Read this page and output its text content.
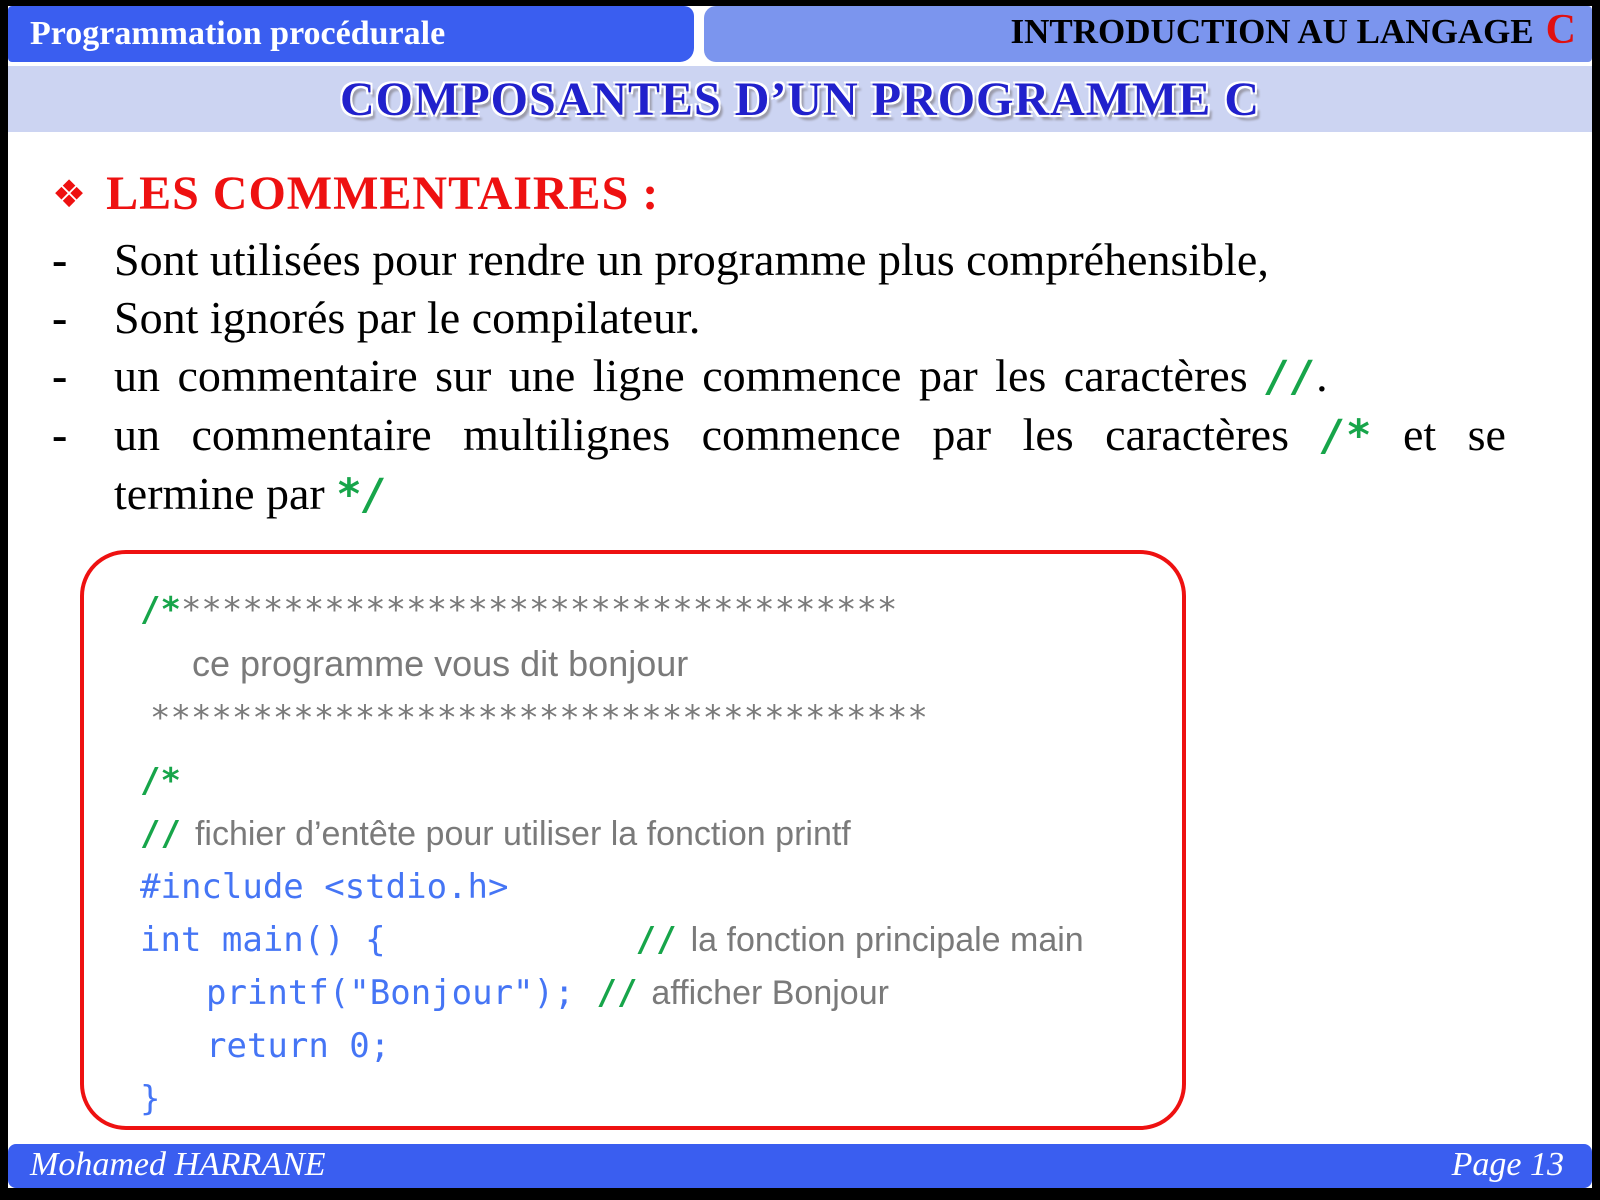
Programmation procédurale	INTRODUCTION AU LANGAGE C
COMPOSANTES D’UN PROGRAMME C
❖ LES COMMENTAIRES :
-	Sont utilisées pour rendre un programme plus compréhensible,
-	Sont ignorés par le compilateur.
-	un commentaire sur une ligne commence par les caractères //.
-	un commentaire multilignes commence par les caractères /* et se
termine par */
/************************************
ce programme vous dit bonjour
**************************************
/*
// fichier d’entête pour utiliser la fonction printf
#include <stdio.h>
int main() {	// la fonction principale main
printf("Bonjour"); // afficher Bonjour
return 0;
}
Mohamed HARRANE	Page 13
